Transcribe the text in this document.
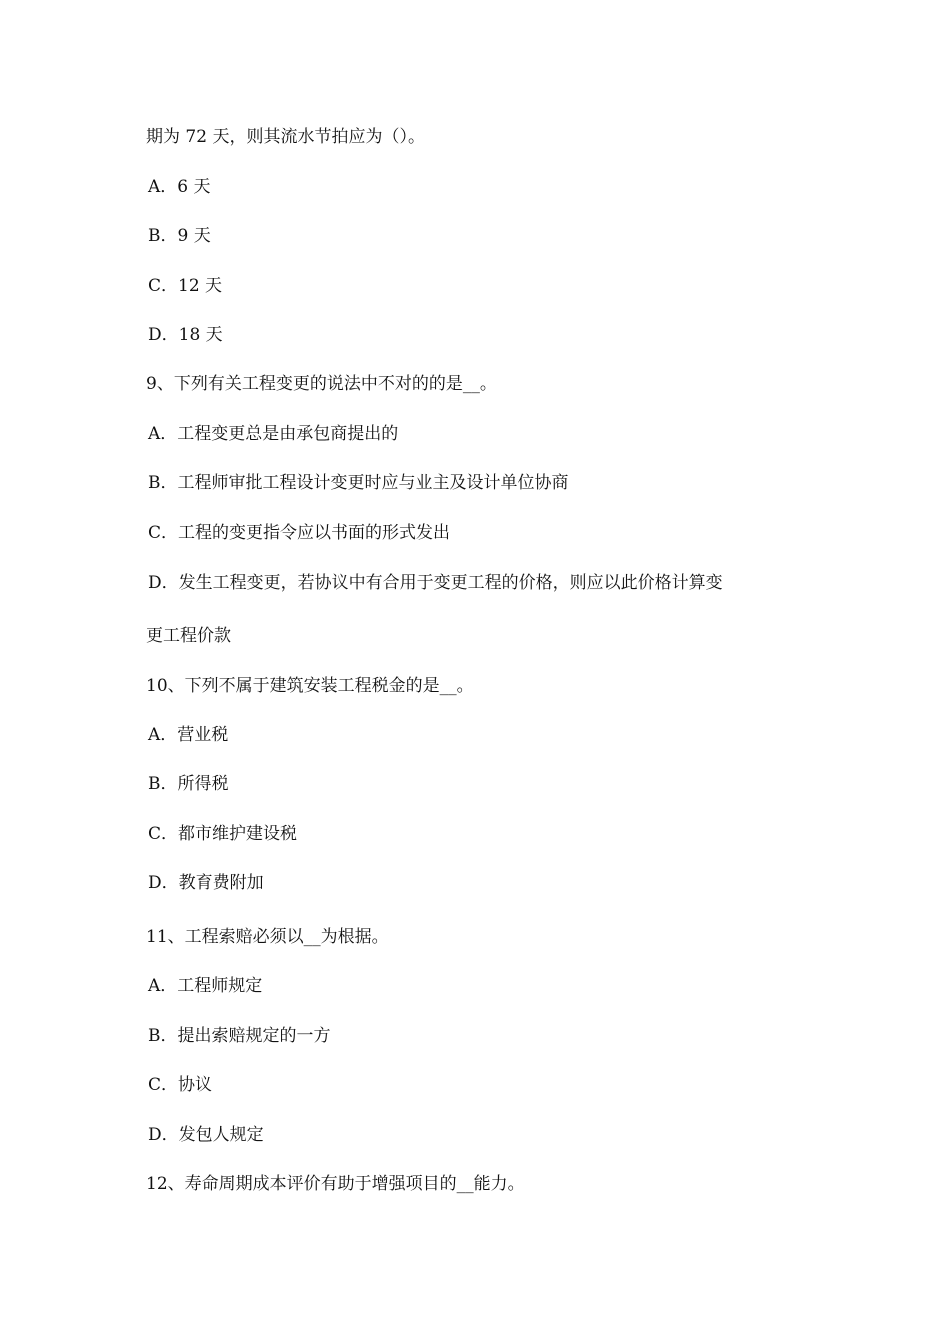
期为 72 天，则其流水节拍应为（）。
A．6 天
B．9 天
C．12 天
D．18 天
9、下列有关工程变更的说法中不对的的是__。
A．工程变更总是由承包商提出的
B．工程师审批工程设计变更时应与业主及设计单位协商
C．工程的变更指令应以书面的形式发出
D．发生工程变更，若协议中有合用于变更工程的价格，则应以此价格计算变
更工程价款
10、下列不属于建筑安装工程税金的是__。
A．营业税
B．所得税
C．都市维护建设税
D．教育费附加
11、工程索赔必须以__为根据。
A．工程师规定
B．提出索赔规定的一方
C．协议
D．发包人规定
12、寿命周期成本评价有助于增强项目的__能力。
